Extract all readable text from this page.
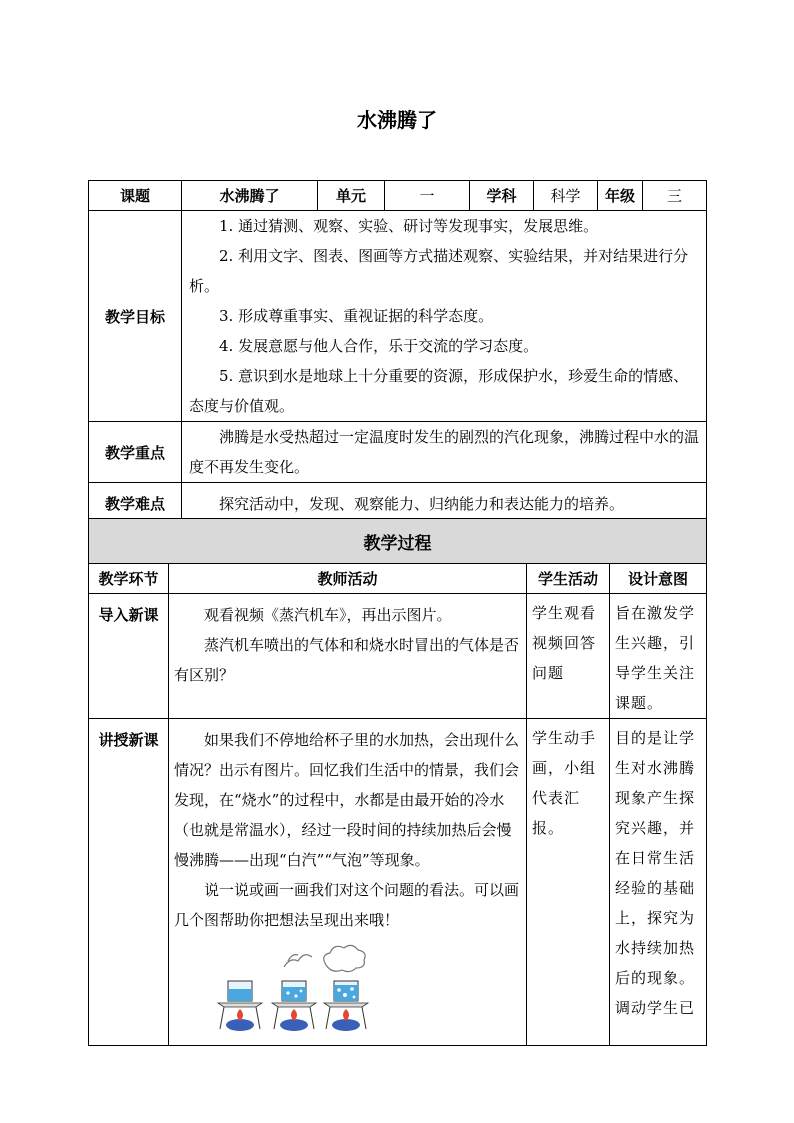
水沸腾了
课题	水沸腾了	单元	一	学科	科学	年级	三
教学目标	1. 通过猜测、观察、实验、研讨等发现事实，发展思维。

2. 利用文字、图表、图画等方式描述观察、实验结果，并对结果进行分析。

3. 形成尊重事实、重视证据的科学态度。

4. 发展意愿与他人合作，乐于交流的学习态度。

5. 意识到水是地球上十分重要的资源，形成保护水，珍爱生命的情感、态度与价值观。						

教学重点	沸腾是水受热超过一定温度时发生的剧烈的汽化现象，沸腾过程中水的温度不再发生变化。						

教学难点	探究活动中，发现、观察能力、归纳能力和表达能力的培养。						

教学过程			
教学环节	教师活动	学生活动	设计意图
导入新课	观看视频《蒸汽机车》，再出示图片。

蒸汽机车喷出的气体和和烧水时冒出的气体是否有区别？	学生观看视频回答问题	旨在激发学生兴趣，引导学生关注课题。
讲授新课	如果我们不停地给杯子里的水加热，会出现什么情况？出示有图片。回忆我们生活中的情景，我们会发现，在“烧水”的过程中，水都是由最开始的冷水（也就是常温水），经过一段时间的持续加热后会慢慢沸腾——出现“白汽”“气泡”等现象。

说一说或画一画我们对这个问题的看法。可以画几个图帮助你把想法呈现出来哦！	学生动手画，小组代表汇报。	目的是让学生对水沸腾现象产生探究兴趣，并在日常生活经验的基础上，探究为水持续加热后的现象。调动学生已
